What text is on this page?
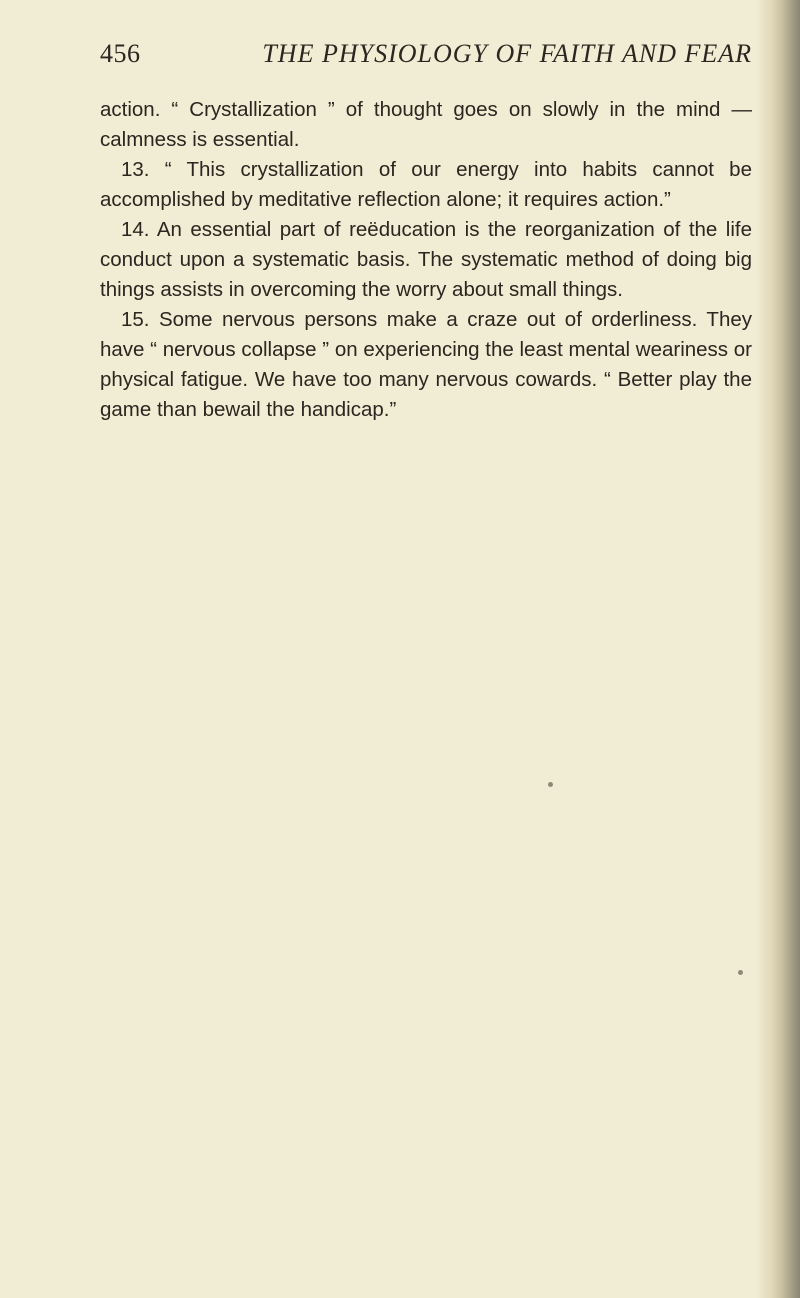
456	THE PHYSIOLOGY OF FAITH AND FEAR

action. “ Crystallization ” of thought goes on slowly in the mind — calmness is essential.

13. “ This crystallization of our energy into habits cannot be accomplished by meditative reflection alone; it requires action.”

14. An essential part of reëducation is the reorganization of the life conduct upon a systematic basis. The systematic method of doing big things assists in overcoming the worry about small things.

15. Some nervous persons make a craze out of orderliness. They have “ nervous collapse ” on experiencing the least mental weariness or physical fatigue. We have too many nervous cowards. “ Better play the game than bewail the handicap.”
